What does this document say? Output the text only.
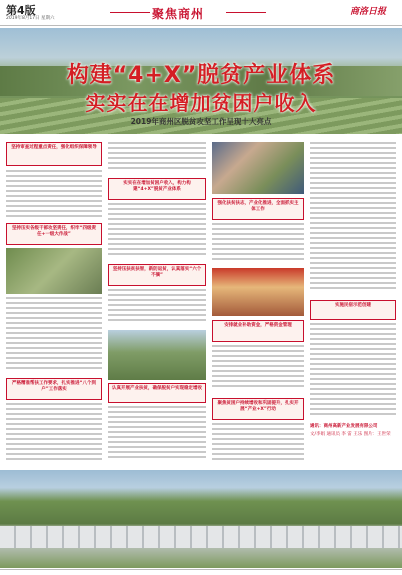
第4版
2019年8月17日 星期六	聚焦商州	商洛日报
构建“4+X”脱贫产业体系
实实在在增加贫困户收入
2019年商州区脱贫攻坚工作呈现十大亮点
坚持审查过程重点责任，强化组织保障领导
坚持压实各级干部攻坚责任，织牢“四级责任+一级大作战”
严格精准帮扶工作要求，扎实推进“八个到户”工作落实
实实在在增加贫困户收入，构力构建“4+X”脱贫产业体系
坚持压扶贫扶智，新防返贫，认真落实“六个不摘”
认真开展产业扶贫，确保脱贫户实现稳定增收
强化扶贫扶志，产业化推进，全面抓实主体工作
安排就业补助资金，严格资金管理
聚焦贫困户持续增收和巩固提升，扎实开展“产业+X”行动
实施民宿示范创建
通讯：商州高新产业发展有限公司
文/李娟 通讯员 李 雷 王乐 图片：王世荣
